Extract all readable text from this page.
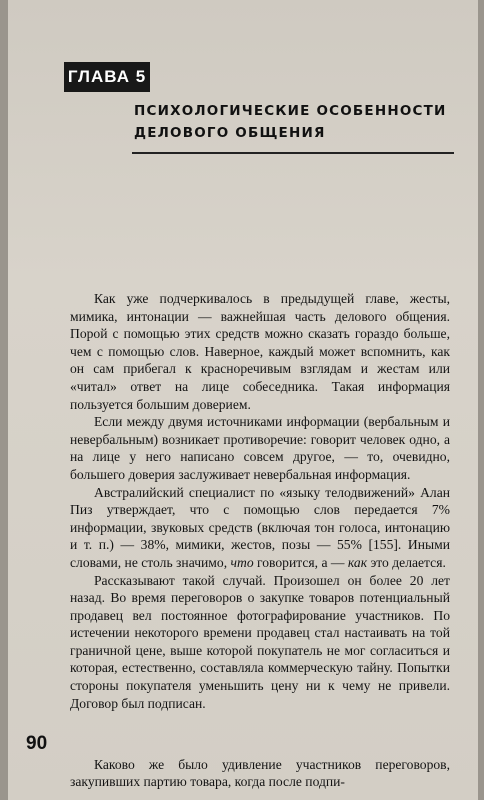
ГЛАВА 5
ПСИХОЛОГИЧЕСКИЕ ОСОБЕННОСТИ
ДЕЛОВОГО ОБЩЕНИЯ

Как уже подчеркивалось в предыдущей главе, жесты, мимика, интонации — важнейшая часть делового общения. Порой с помощью этих средств можно сказать гораздо больше, чем с помощью слов. Наверное, каждый может вспомнить, как он сам прибегал к красноречивым взглядам и жестам или «читал» ответ на лице собеседника. Такая информация пользуется большим доверием.

Если между двумя источниками информации (вербальным и невербальным) возникает противоречие: говорит человек одно, а на лице у него написано совсем другое, — то, очевидно, большего доверия заслуживает невербальная информация.

Австралийский специалист по «языку телодвижений» Алан Пиз утверждает, что с помощью слов передается 7% информации, звуковых средств (включая тон голоса, интонацию и т. п.) — 38%, мимики, жестов, позы — 55% [155]. Иными словами, не столь значимо, что говорится, а — как это делается.

Рассказывают такой случай. Произошел он более 20 лет назад. Во время переговоров о закупке товаров потенциальный продавец вел постоянное фотографирование участников. По истечении некоторого времени продавец стал настаивать на той граничной цене, выше которой покупатель не мог согласиться и которая, естественно, составляла коммерческую тайну. Попытки стороны покупателя уменьшить цену ни к чему не привели. Договор был подписан.

90

Каково же было удивление участников переговоров, закупивших партию товара, когда после подпи-
